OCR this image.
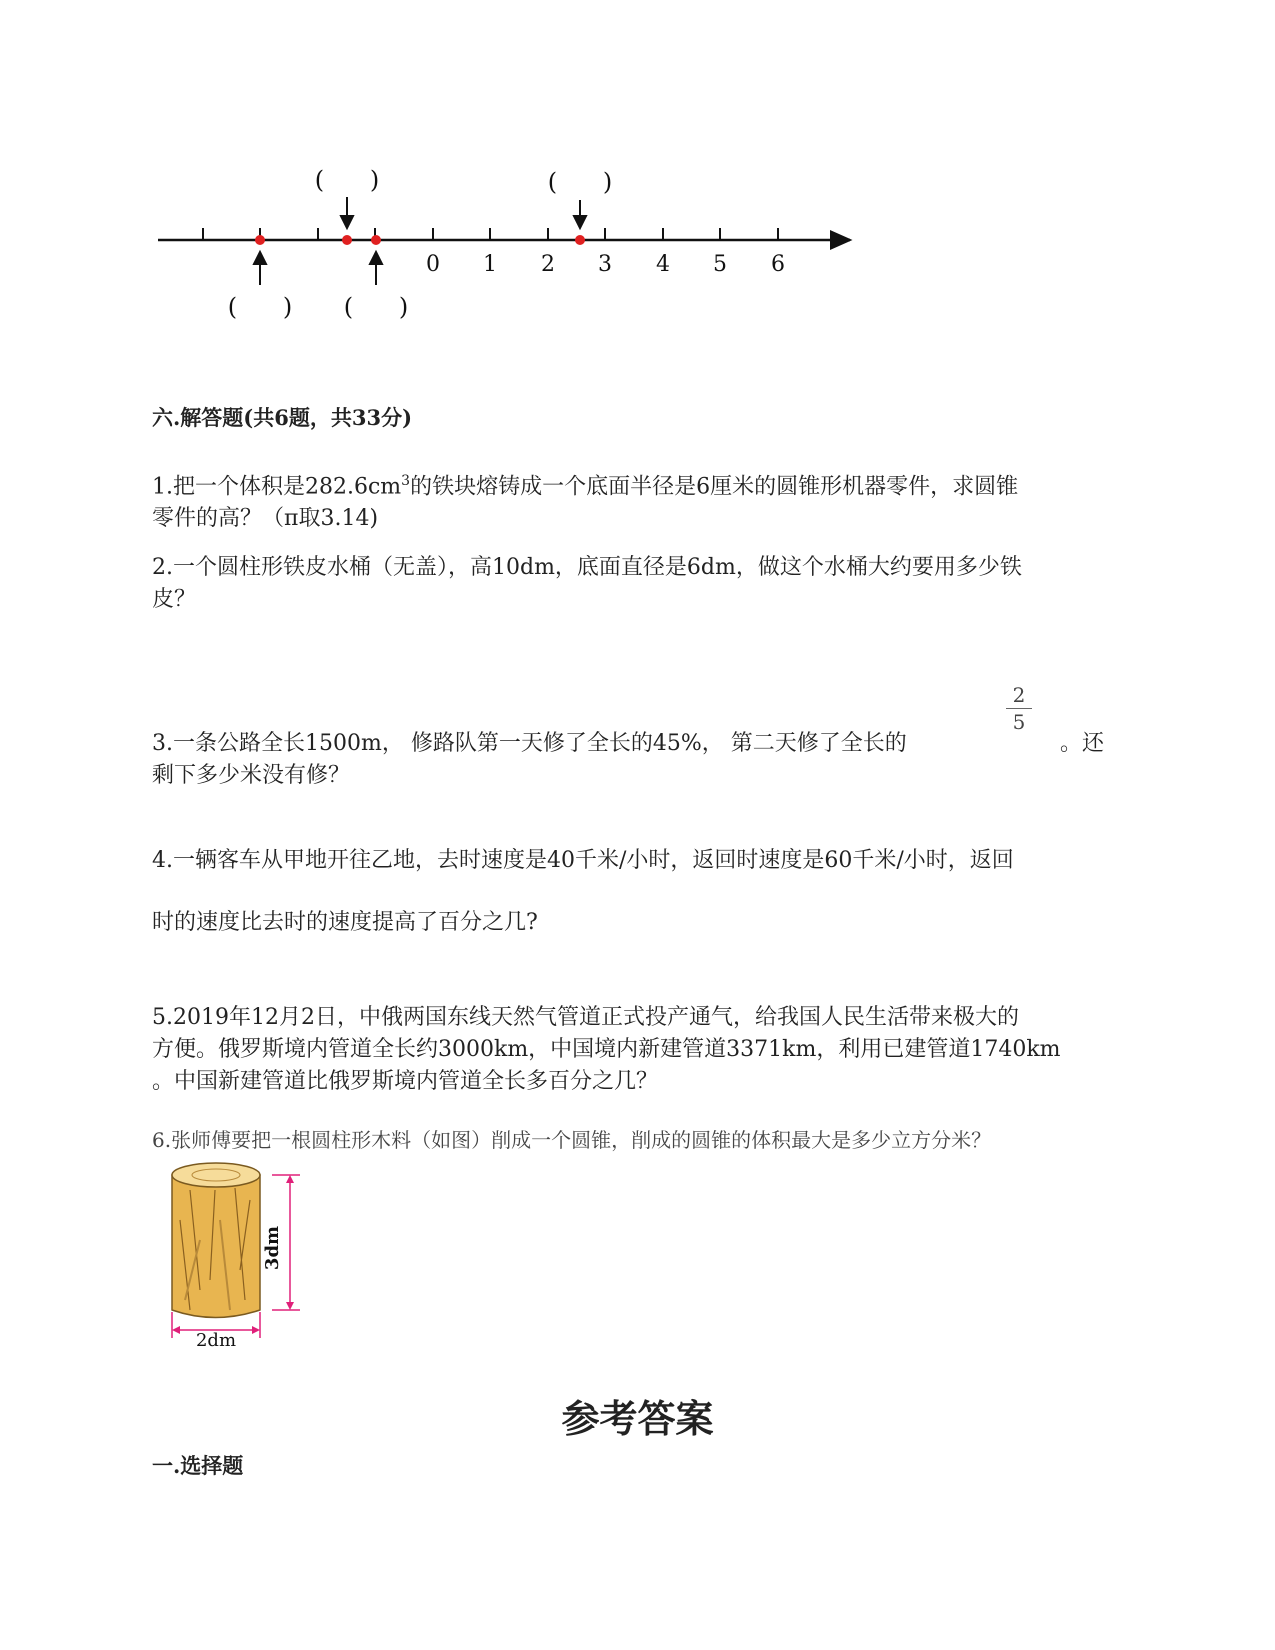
0 1 2 3 4 5 6
(      )	(      )
(      ) (      )
六.解答题(共6题，共33分)
1.把一个体积是$282.6cm^3$的铁块熔铸成一个底面半径是6厘米的圆锥形机器零件，求圆锥
零件的高？（π取3.14)
2.一个圆柱形铁皮水桶（无盖），高10dm，底面直径是6dm，做这个水桶大约要用多少铁
皮？
2
5
3.一条公路全长1500m， 修路队第一天修了全长的45%， 第二天修了全长的
剩下多少米没有修？
。还
4.一辆客车从甲地开往乙地，去时速度是40千米/小时，返回时速度是60千米/小时，返回
时的速度比去时的速度提高了百分之几?
5.2019年12月2日，中俄两国东线天然气管道正式投产通气，给我国人民生活带来极大的
方便。俄罗斯境内管道全长约3000km，中国境内新建管道3371km，利用已建管道1740km
。中国新建管道比俄罗斯境内管道全长多百分之几？
6.张师傅要把一根圆柱形木料（如图）削成一个圆锥，削成的圆锥的体积最大是多少立方分米？
3dm
2dm
参考答案
一.选择题
